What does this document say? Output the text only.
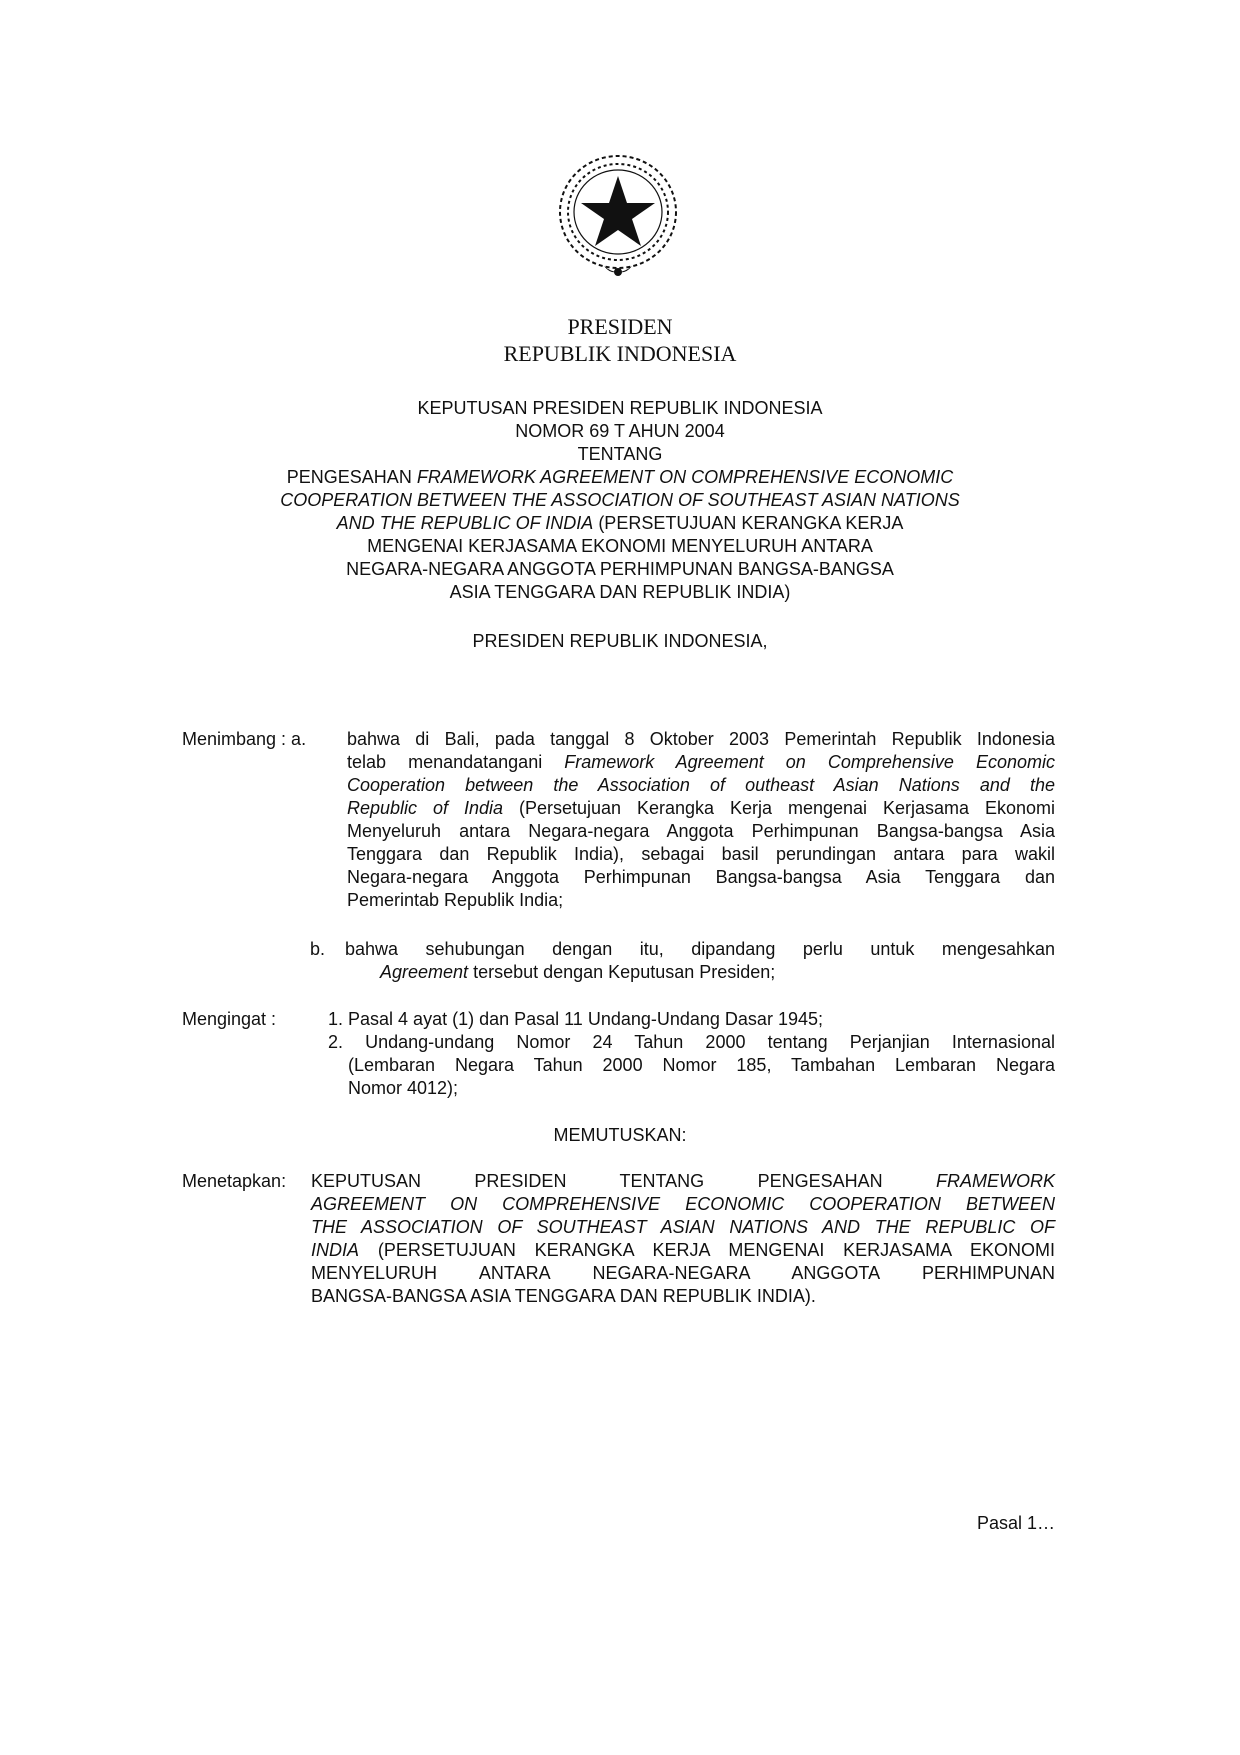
PRESIDEN
REPUBLIK INDONESIA
KEPUTUSAN PRESIDEN REPUBLIK INDONESIA
NOMOR 69 T AHUN 2004
TENTANG
PENGESAHAN FRAMEWORK AGREEMENT ON COMPREHENSIVE ECONOMIC
COOPERATION BETWEEN THE ASSOCIATION OF SOUTHEAST ASIAN NATIONS
AND THE REPUBLIC OF INDIA (PERSETUJUAN KERANGKA KERJA
MENGENAI KERJASAMA EKONOMI MENYELURUH ANTARA
NEGARA-NEGARA ANGGOTA PERHIMPUNAN BANGSA-BANGSA
ASIA TENGGARA DAN REPUBLIK INDIA)
PRESIDEN REPUBLIK INDONESIA,
Menimbang : a. bahwa di Bali, pada tanggal 8 Oktober 2003 Pemerintah Republik Indonesia
telab menandatangani Framework Agreement on Comprehensive Economic
Cooperation between the Association of outheast Asian Nations and the
Republic of India (Persetujuan Kerangka Kerja mengenai Kerjasama Ekonomi
Menyeluruh antara Negara-negara Anggota Perhimpunan Bangsa-bangsa Asia
Tenggara dan Republik India), sebagai basil perundingan antara para wakil
Negara-negara Anggota Perhimpunan Bangsa-bangsa Asia Tenggara dan
Pemerintab Republik India;
b. bahwa sehubungan dengan itu, dipandang perlu untuk mengesahkan
Agreement tersebut dengan Keputusan Presiden;
Mengingat :	1. Pasal 4 ayat (1) dan Pasal 11 Undang-Undang Dasar 1945;
2. Undang-undang Nomor 24 Tahun 2000 tentang Perjanjian Internasional
(Lembaran Negara Tahun 2000 Nomor 185, Tambahan Lembaran Negara
Nomor 4012);
MEMUTUSKAN:
Menetapkan: KEPUTUSAN PRESIDEN TENTANG PENGESAHAN FRAMEWORK
AGREEMENT ON COMPREHENSIVE ECONOMIC COOPERATION BETWEEN
THE ASSOCIATION OF SOUTHEAST ASIAN NATIONS AND THE REPUBLIC OF
INDIA (PERSETUJUAN KERANGKA KERJA MENGENAI KERJASAMA EKONOMI
MENYELURUH ANTARA NEGARA-NEGARA ANGGOTA PERHIMPUNAN
BANGSA-BANGSA ASIA TENGGARA DAN REPUBLIK INDIA).
Pasal 1…
